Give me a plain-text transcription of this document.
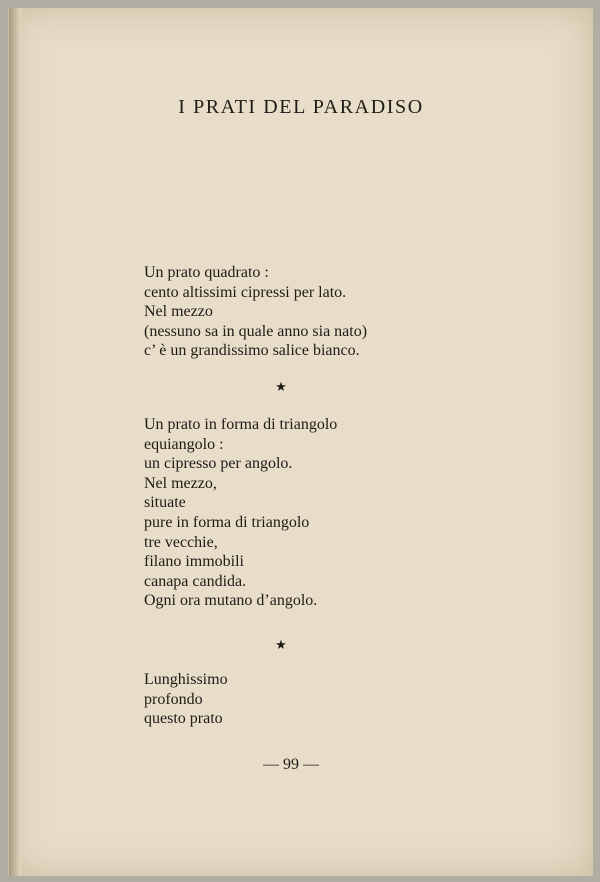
I PRATI DEL PARADISO
Un prato quadrato :
cento altissimi cipressi per lato.
Nel mezzo
(nessuno sa in quale anno sia nato)
c’ è un grandissimo salice bianco.
★
Un prato in forma di triangolo
equiangolo :
un cipresso per angolo.
Nel mezzo,
situate
pure in forma di triangolo
tre vecchie,
filano immobili
canapa candida.
Ogni ora mutano d’angolo.
★
Lunghissimo
profondo
questo prato
— 99 —
